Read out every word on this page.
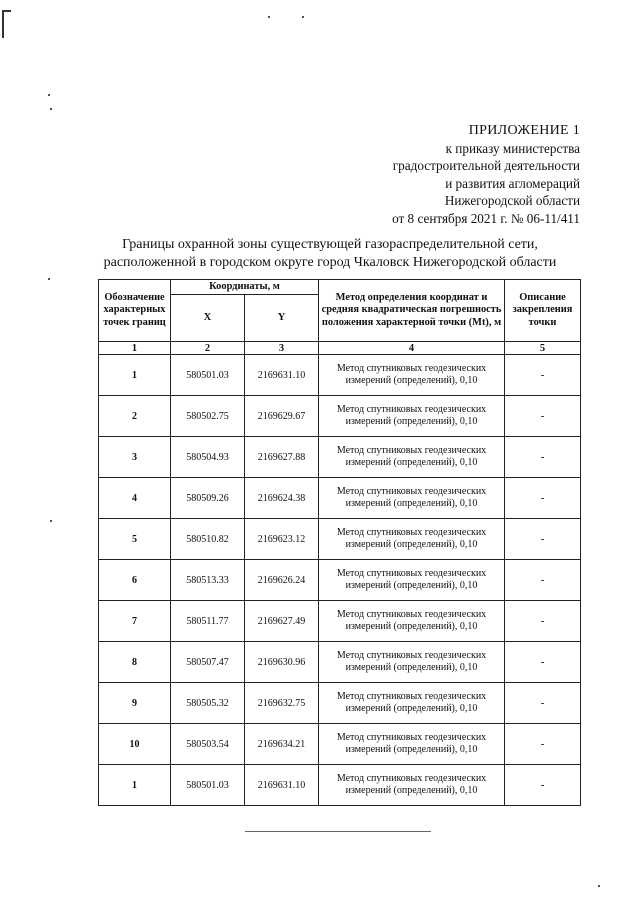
ПРИЛОЖЕНИЕ 1
к приказу министерства
градостроительной деятельности
и развития агломераций
Нижегородской области
от 8 сентября 2021 г. № 06-11/411
Границы охранной зоны существующей газораспределительной сети,
расположенной в городском округе город Чкаловск Нижегородской области
Обозначение характерных точек границ	Координаты, м		Метод определения координат и средняя квадратическая погрешность положения характерной точки (Mt), м	Описание закрепления точки
	X	Y		
1	2	3	4	5
1	580501.03	2169631.10	Метод спутниковых геодезических измерений (определений), 0,10	-
2	580502.75	2169629.67	Метод спутниковых геодезических измерений (определений), 0,10	-
3	580504.93	2169627.88	Метод спутниковых геодезических измерений (определений), 0,10	-
4	580509.26	2169624.38	Метод спутниковых геодезических измерений (определений), 0,10	-
5	580510.82	2169623.12	Метод спутниковых геодезических измерений (определений), 0,10	-
6	580513.33	2169626.24	Метод спутниковых геодезических измерений (определений), 0,10	-
7	580511.77	2169627.49	Метод спутниковых геодезических измерений (определений), 0,10	-
8	580507.47	2169630.96	Метод спутниковых геодезических измерений (определений), 0,10	-
9	580505.32	2169632.75	Метод спутниковых геодезических измерений (определений), 0,10	-
10	580503.54	2169634.21	Метод спутниковых геодезических измерений (определений), 0,10	-
1	580501.03	2169631.10	Метод спутниковых геодезических измерений (определений), 0,10	-
